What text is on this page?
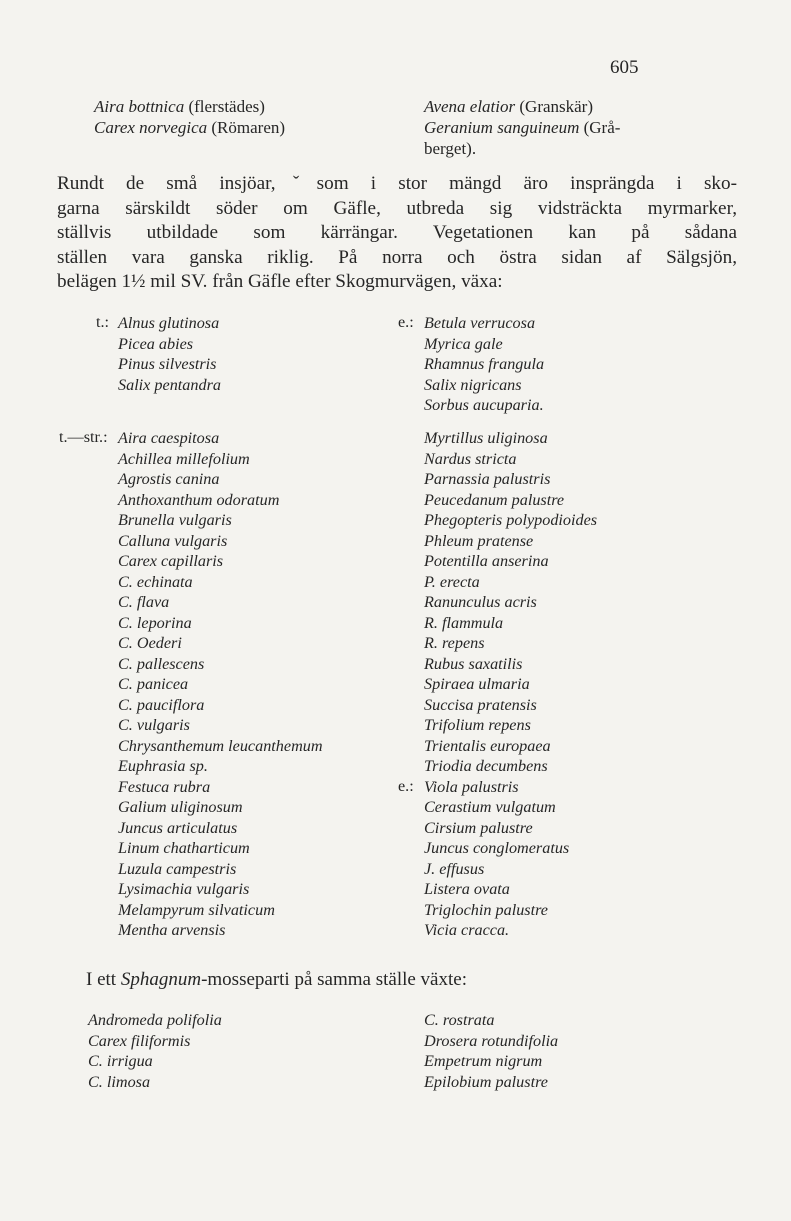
605
Aira bottnica (flerstädes)
Carex norvegica (Römaren)
Avena elatior (Granskär)
Geranium sanguineum (Grå-
berget).
Rundt de små insjöar,ˇsom i stor mängd äro insprängda i sko-
garna särskildt söder om Gäfle, utbreda sig vidsträckta myrmarker,
ställvis utbildade som kärrängar. Vegetationen kan på sådana
ställen vara ganska riklig. På norra och östra sidan af Sälgsjön,
belägen 1½ mil SV. från Gäfle efter Skogmurvägen, växa:
t.: Alnus glutinosa
Picea abies
Pinus silvestris
Salix pentandra
e.: Betula verrucosa
Myrica gale
Rhamnus frangula
Salix nigricans
Sorbus aucuparia.
t.—str.: Aira caespitosa
Achillea millefolium
Agrostis canina
Anthoxanthum odoratum
Brunella vulgaris
Calluna vulgaris
Carex capillaris
C. echinata
C. flava
C. leporina
C. Oederi
C. pallescens
C. panicea
C. pauciflora
C. vulgaris
Chrysanthemum leucanthemum
Euphrasia sp.
Festuca rubra
Galium uliginosum
Juncus articulatus
Linum chatharticum
Luzula campestris
Lysimachia vulgaris
Melampyrum silvaticum
Mentha arvensis
Myrtillus uliginosa
Nardus stricta
Parnassia palustris
Peucedanum palustre
Phegopteris polypodioides
Phleum pratense
Potentilla anserina
P. erecta
Ranunculus acris
R. flammula
R. repens
Rubus saxatilis
Spiraea ulmaria
Succisa pratensis
Trifolium repens
Trientalis europaea
Triodia decumbens
Viola palustris
Cerastium vulgatum
Cirsium palustre
Juncus conglomeratus
J. effusus
Listera ovata
Triglochin palustre
Vicia cracca.
e.:
I ett Sphagnum-mosseparti på samma ställe växte:
Andromeda polifolia
Carex filiformis
C. irrigua
C. limosa
C. rostrata
Drosera rotundifolia
Empetrum nigrum
Epilobium palustre
